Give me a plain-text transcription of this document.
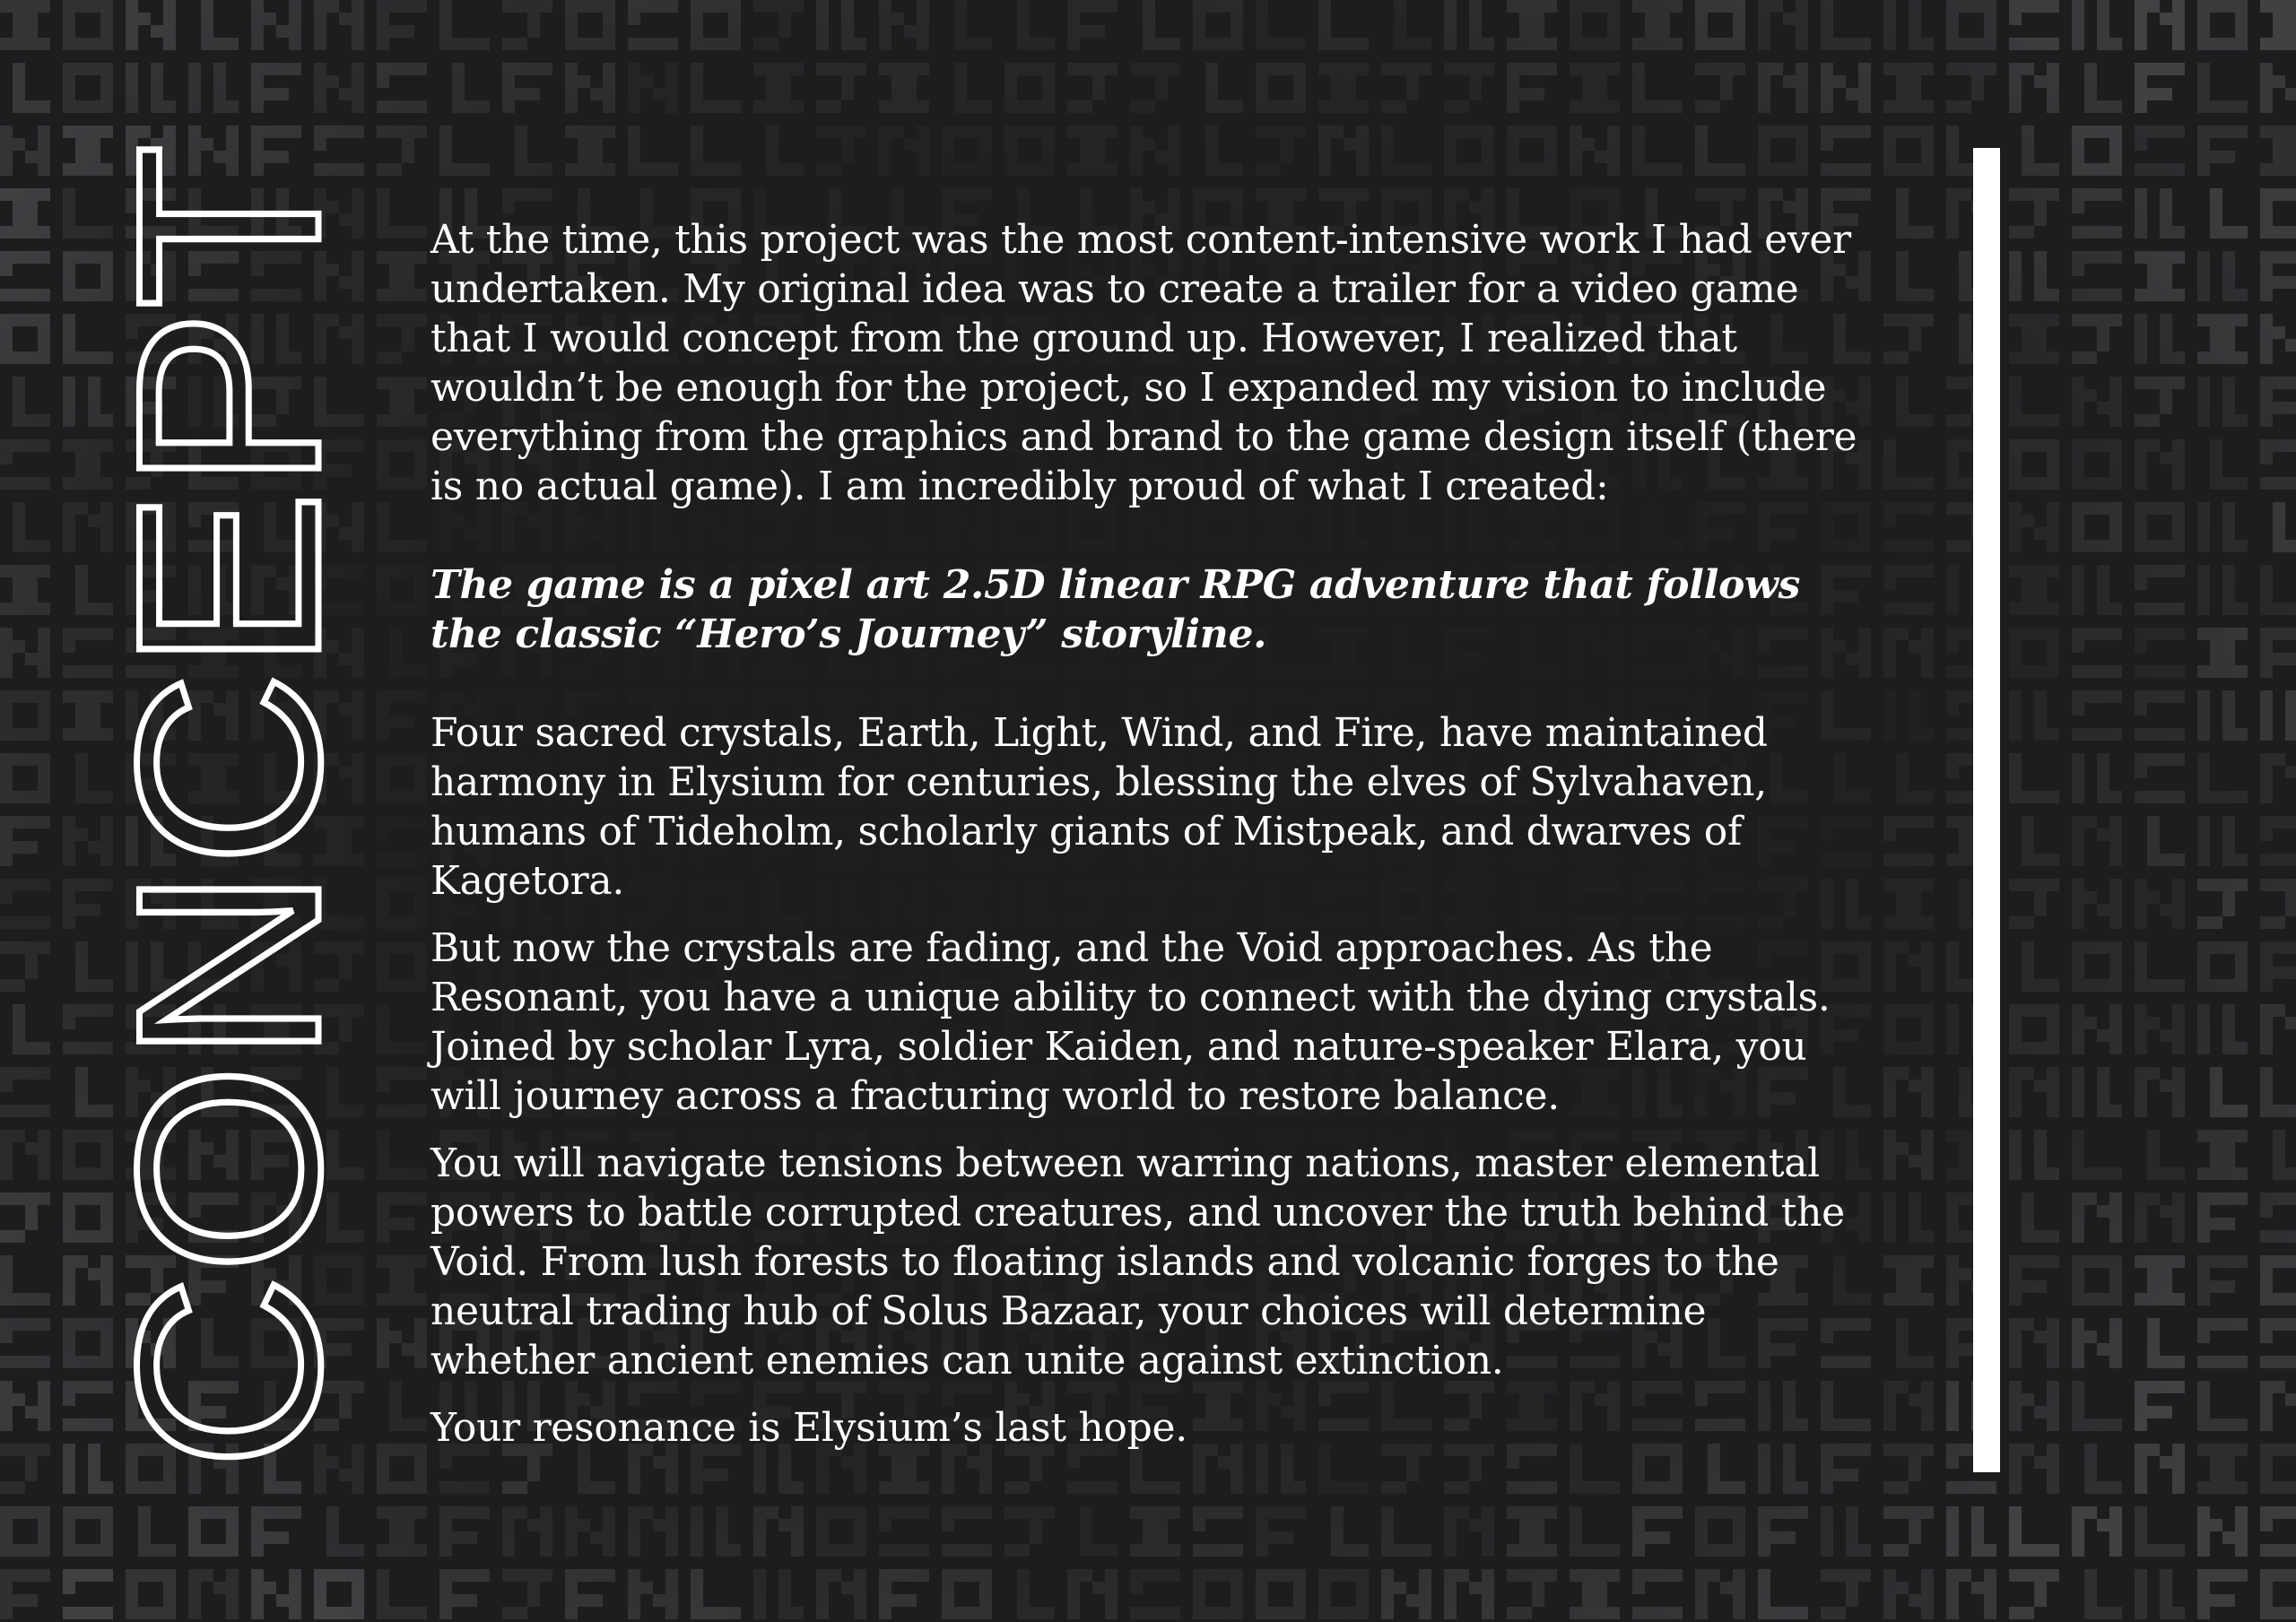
CONCEPT At the time, this project was the most content-intensive work I had ever undertaken. My original idea was to create a trailer for a video game that I would concept from the ground up. However, I realized that wouldn’t be enough for the project, so I expanded my vision to include everything from the graphics and brand to the game design itself (there is no actual game). I am incredibly proud of what I created:

The game is a pixel art 2.5D linear RPG adventure that follows the classic “Hero’s Journey” storyline.

Four sacred crystals, Earth, Light, Wind, and Fire, have maintained harmony in Elysium for centuries, blessing the elves of Sylvahaven, humans of Tideholm, scholarly giants of Mistpeak, and dwarves of Kagetora.

But now the crystals are fading, and the Void approaches. As the Resonant, you have a unique ability to connect with the dying crystals. Joined by scholar Lyra, soldier Kaiden, and nature-speaker Elara, you will journey across a fracturing world to restore balance.

You will navigate tensions between warring nations, master elemental powers to battle corrupted creatures, and uncover the truth behind the Void. From lush forests to floating islands and volcanic forges to the neutral trading hub of Solus Bazaar, your choices will determine whether ancient enemies can unite against extinction.

Your resonance is Elysium’s last hope.
